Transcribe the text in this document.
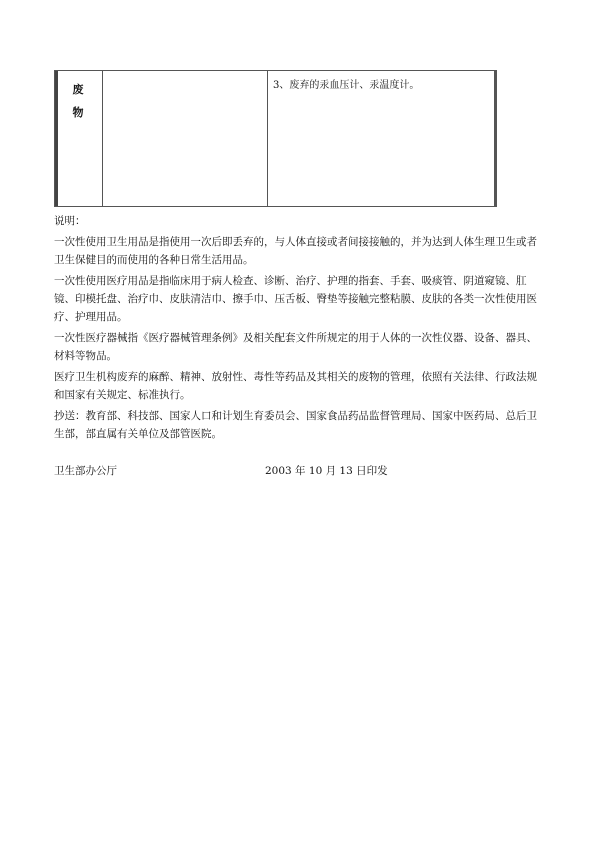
废
物
3、废弃的汞血压计、汞温度计。

说明：

一次性使用卫生用品是指使用一次后即丢弃的，与人体直接或者间接接触的，并为达到人体生理卫生或者卫生保健目的而使用的各种日常生活用品。

一次性使用医疗用品是指临床用于病人检查、诊断、治疗、护理的指套、手套、吸痰管、阴道窥镜、肛镜、印模托盘、治疗巾、皮肤清洁巾、擦手巾、压舌板、臀垫等接触完整粘膜、皮肤的各类一次性使用医疗、护理用品。

一次性医疗器械指《医疗器械管理条例》及相关配套文件所规定的用于人体的一次性仪器、设备、器具、材料等物品。

医疗卫生机构废弃的麻醉、精神、放射性、毒性等药品及其相关的废物的管理，依照有关法律、行政法规和国家有关规定、标准执行。

抄送：教育部、科技部、国家人口和计划生育委员会、国家食品药品监督管理局、国家中医药局、总后卫生部，部直属有关单位及部管医院。

卫生部办公厅	2003 年 10 月 13 日印发
